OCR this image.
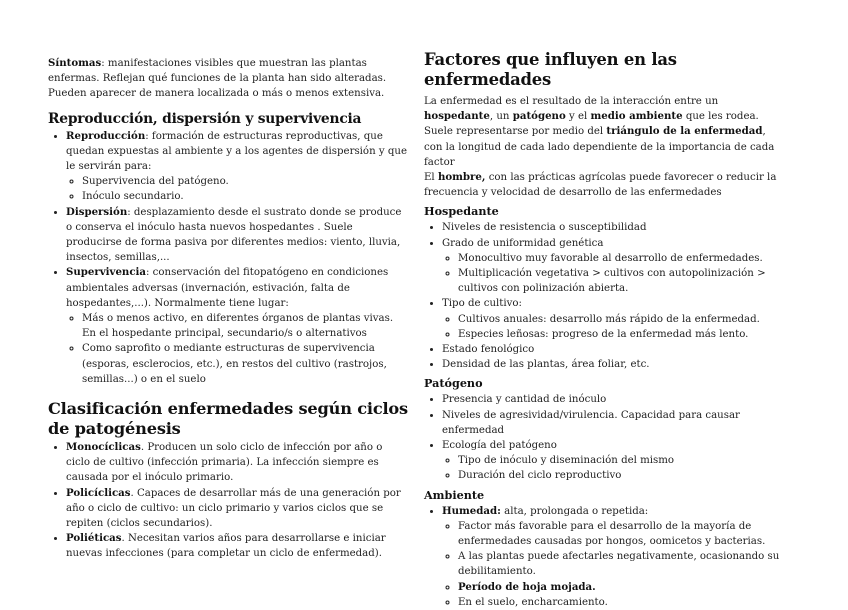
Síntomas: manifestaciones visibles que muestran las plantas enfermas. Reflejan qué funciones de la planta han sido alteradas. Pueden aparecer de manera localizada o más o menos extensiva.

Reproducción, dispersión y supervivencia
• Reproducción: formación de estructuras reproductivas, que quedan expuestas al ambiente y a los agentes de dispersión y que le servirán para:
◦ Supervivencia del patógeno.
◦ Inóculo secundario.
• Dispersión: desplazamiento desde el sustrato donde se produce o conserva el inóculo hasta nuevos hospedantes . Suele producirse de forma pasiva por diferentes medios: viento, lluvia, insectos, semillas,...
• Supervivencia: conservación del fitopatógeno en condiciones ambientales adversas (invernación, estivación, falta de hospedantes,...). Normalmente tiene lugar:
◦ Más o menos activo, en diferentes órganos de plantas vivas. En el hospedante principal, secundario/s o alternativos
◦ Como saprofito o mediante estructuras de supervivencia (esporas, esclerocios, etc.), en restos del cultivo (rastrojos, semillas...) o en el suelo
Clasificación enfermedades según ciclos de patogénesis
• Monocíclicas. Producen un solo ciclo de infección por año o ciclo de cultivo (infección primaria). La infección siempre es causada por el inóculo primario.
• Policíclicas. Capaces de desarrollar más de una generación por año o ciclo de cultivo: un ciclo primario y varios ciclos que se repiten (ciclos secundarios).
• Poliéticas. Necesitan varios años para desarrollarse e iniciar nuevas infecciones (para completar un ciclo de enfermedad).
Factores que influyen en las enfermedades

La enfermedad es el resultado de la interacción entre un hospedante, un patógeno y el medio ambiente que les rodea.

Suele representarse por medio del triángulo de la enfermedad, con la longitud de cada lado dependiente de la importancia de cada factor

El hombre, con las prácticas agrícolas puede favorecer o reducir la frecuencia y velocidad de desarrollo de las enfermedades

Hospedante
• Niveles de resistencia o susceptibilidad
• Grado de uniformidad genética
◦ Monocultivo muy favorable al desarrollo de enfermedades.
◦ Multiplicación vegetativa > cultivos con autopolinización > cultivos con polinización abierta.
• Tipo de cultivo:
◦ Cultivos anuales: desarrollo más rápido de la enfermedad.
◦ Especies leñosas: progreso de la enfermedad más lento.
• Estado fenológico
• Densidad de las plantas, área foliar, etc.
Patógeno
• Presencia y cantidad de inóculo
• Niveles de agresividad/virulencia. Capacidad para causar enfermedad
• Ecología del patógeno
◦ Tipo de inóculo y diseminación del mismo
◦ Duración del ciclo reproductivo
Ambiente
• Humedad: alta, prolongada o repetida:
◦ Factor más favorable para el desarrollo de la mayoría de enfermedades causadas por hongos, oomicetos y bacterias.
◦ A las plantas puede afectarles negativamente, ocasionando su debilitamiento.
◦ Período de hoja mojada.
◦ En el suelo, encharcamiento.
